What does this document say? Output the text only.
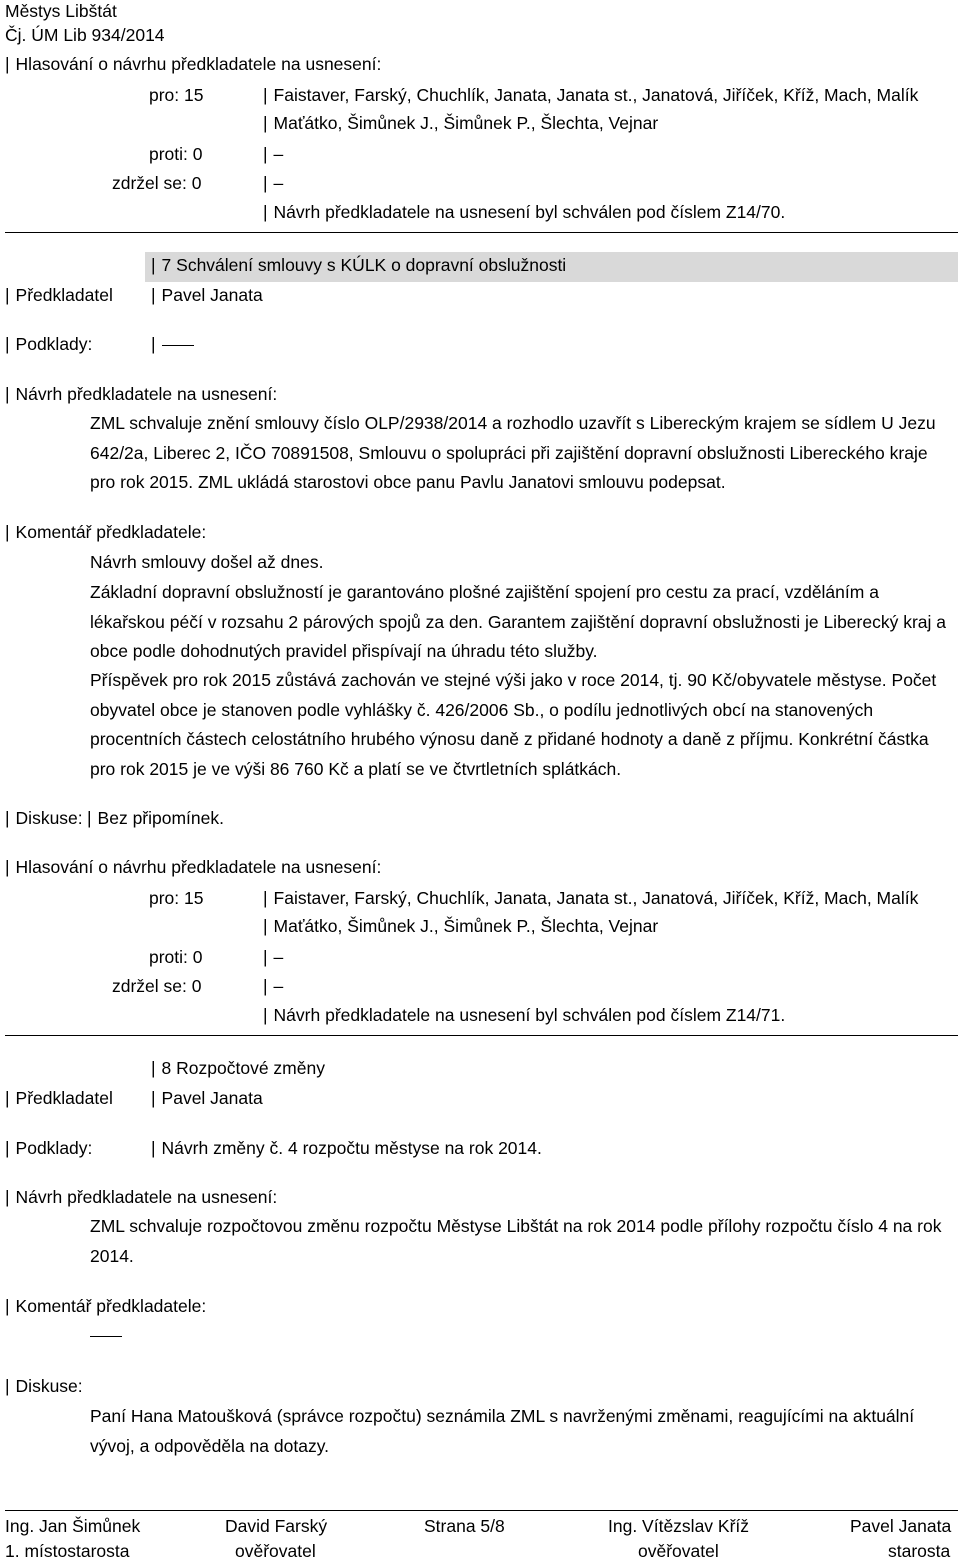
Městys Libštát
Čj. ÚM Lib 934/2014
| Hlasování o návrhu předkladatele na usnesení:
pro: 15	| Faistaver, Farský, Chuchlík, Janata, Janata st., Janatová, Jiříček, Kříž, Mach, Malík
| Maťátko, Šimůnek J., Šimůnek P., Šlechta, Vejnar
proti: 0	| –
zdržel se: 0	| –
| Návrh předkladatele na usnesení byl schválen pod číslem Z14/70.
| 7 Schválení smlouvy s KÚLK o dopravní obslužnosti
| Předkladatel	| Pavel Janata
| Podklady:
|
| Návrh předkladatele na usnesení:
ZML schvaluje znění smlouvy číslo OLP/2938/2014 a rozhodlo uzavřít s Libereckým krajem se sídlem U Jezu 642/2a, Liberec 2, IČO 70891508, Smlouvu o spolupráci při zajištění dopravní obslužnosti Libereckého kraje pro rok 2015. ZML ukládá starostovi obce panu Pavlu Janatovi smlouvu podepsat.
| Komentář předkladatele:
Návrh smlouvy došel až dnes.
Základní dopravní obslužností je garantováno plošné zajištění spojení pro cestu za prací, vzděláním a lékařskou péčí v rozsahu 2 párových spojů za den. Garantem zajištění dopravní obslužnosti je Liberecký kraj a obce podle dohodnutých pravidel přispívají na úhradu této služby.
Příspěvek pro rok 2015 zůstává zachován ve stejné výši jako v roce 2014, tj. 90 Kč/obyvatele městyse. Počet obyvatel obce je stanoven podle vyhlášky č. 426/2006 Sb., o podílu jednotlivých obcí na stanovených procentních částech celostátního hrubého výnosu daně z přidané hodnoty a daně z příjmu. Konkrétní částka pro rok 2015 je ve výši 86 760 Kč a platí se ve čtvrtletních splátkách.
| Diskuse: | Bez připomínek.
| Hlasování o návrhu předkladatele na usnesení:
pro: 15	| Faistaver, Farský, Chuchlík, Janata, Janata st., Janatová, Jiříček, Kříž, Mach, Malík
| Maťátko, Šimůnek J., Šimůnek P., Šlechta, Vejnar
proti: 0	| –
zdržel se: 0	| –
| Návrh předkladatele na usnesení byl schválen pod číslem Z14/71.
| 8 Rozpočtové změny
| Předkladatel	| Pavel Janata
| Podklady:	| Návrh změny č. 4 rozpočtu městyse na rok 2014.
| Návrh předkladatele na usnesení:
ZML schvaluje rozpočtovou změnu rozpočtu Městyse Libštát na rok 2014 podle přílohy rozpočtu číslo 4 na rok 2014.
| Komentář předkladatele:
| Diskuse:
Paní Hana Matoušková (správce rozpočtu) seznámila ZML s navrženými změnami, reagujícími na aktuální vývoj, a odpověděla na dotazy.
Ing. Jan Šimůnek
1. místostarosta
David Farský
ověřovatel
Strana 5/8	Ing. Vítězslav Kříž
ověřovatel
Pavel Janata
starosta
